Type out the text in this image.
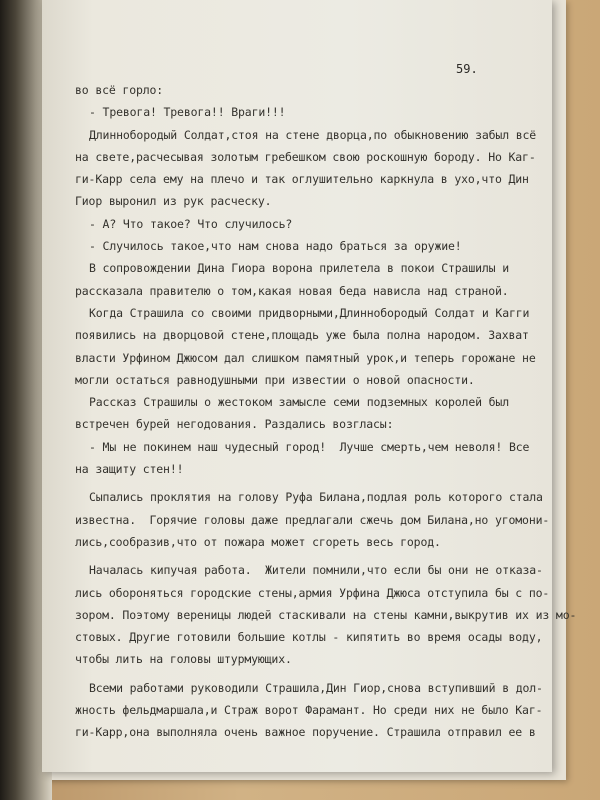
59.
во всё горло:
- Тревога! Тревога!! Враги!!!
Длиннобородый Солдат,стоя на стене дворца,по обыкновению забыл всё
на свете,расчесывая золотым гребешком свою роскошную бороду. Но Каг-
ги-Карр села ему на плечо и так оглушительно каркнула в ухо,что Дин
Гиор выронил из рук расческу.
- А? Что такое? Что случилось?
- Случилось такое,что нам снова надо браться за оружие!
В сопровождении Дина Гиора ворона прилетела в покои Страшилы и
рассказала правителю о том,какая новая беда нависла над страной.
Когда Страшила со своими придворными,Длиннобородый Солдат и Кагги
появились на дворцовой стене,площадь уже была полна народом. Захват
власти Урфином Джюсом дал слишком памятный урок,и теперь горожане не
могли остаться равнодушными при известии о новой опасности.
Рассказ Страшилы о жестоком замысле семи подземных королей был
встречен бурей негодования. Раздались возгласы:
- Мы не покинем наш чудесный город!  Лучше смерть,чем неволя! Все
на защиту стен!!
Сыпались проклятия на голову Руфа Билана,подлая роль которого стала
известна.  Горячие головы даже предлагали сжечь дом Билана,но угомони-
лись,сообразив,что от пожара может сгореть весь город.
Началась кипучая работа.  Жители помнили,что если бы они не отказа-
лись обороняться городские стены,армия Урфина Джюса отступила бы с по-
зором. Поэтому вереницы людей стаскивали на стены камни,выкрутив их из мо-
стовых. Другие готовили большие котлы - кипятить во время осады воду,
чтобы лить на головы штурмующих.
Всеми работами руководили Страшила,Дин Гиор,снова вступивший в дол-
жность фельдмаршала,и Страж ворот Фарамант. Но среди них не было Каг-
ги-Карр,она выполняла очень важное поручение. Страшила отправил ее в
